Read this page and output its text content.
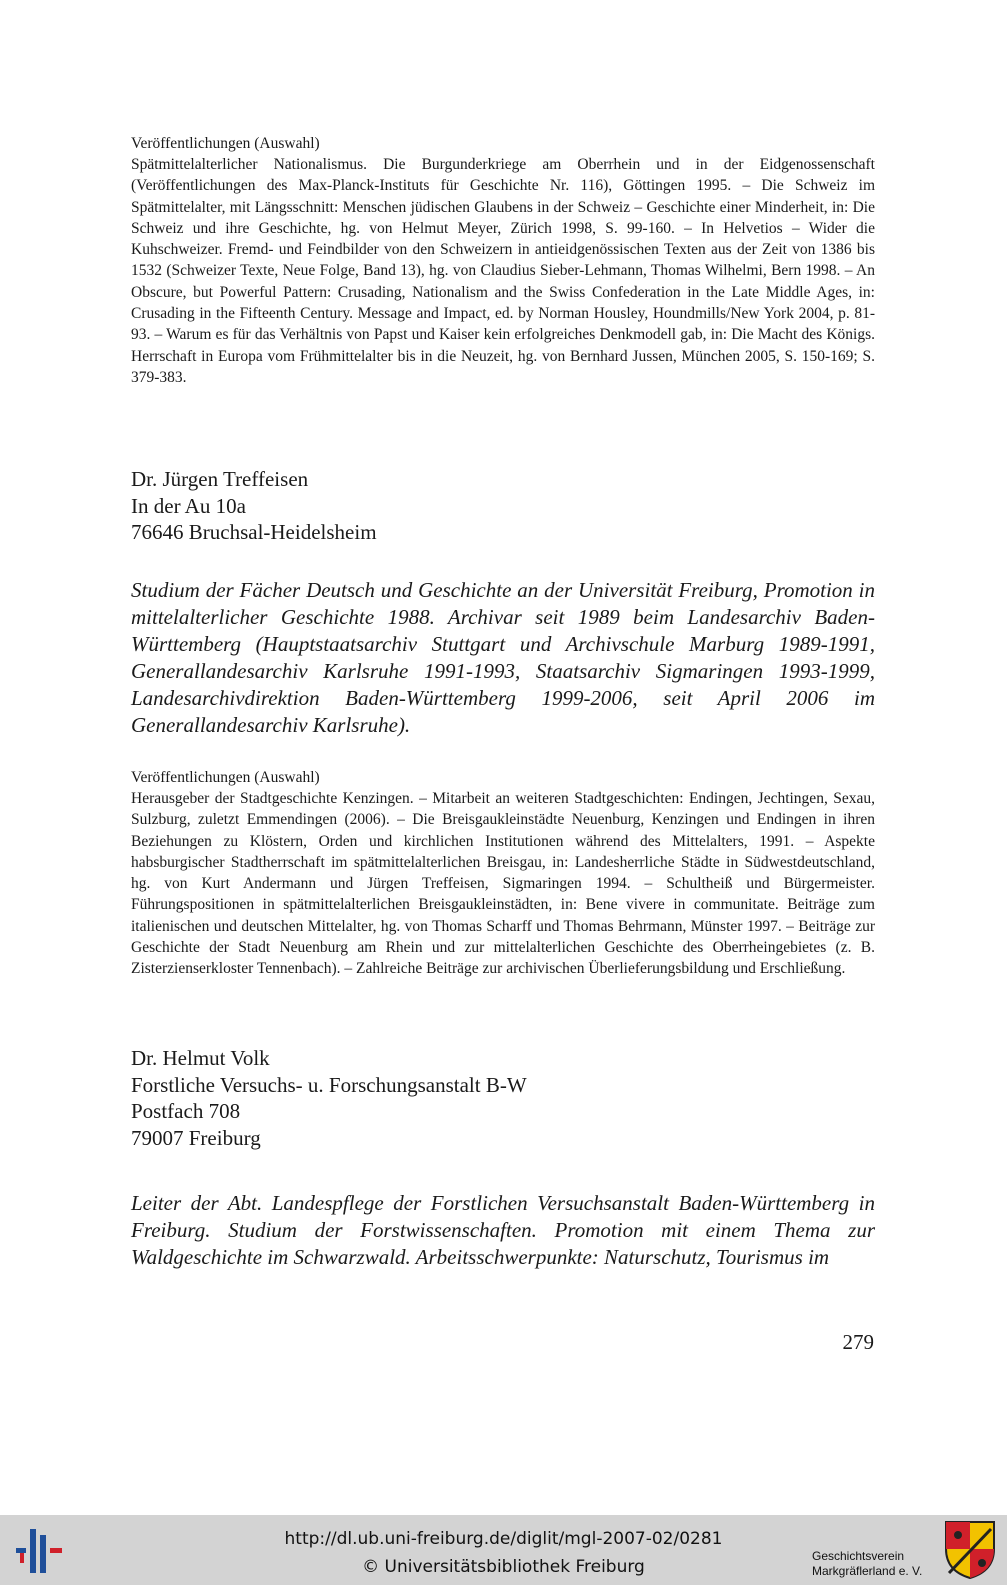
Veröffentlichungen (Auswahl)

Spätmittelalterlicher Nationalismus. Die Burgunderkriege am Oberrhein und in der Eidgenossenschaft (Veröffentlichungen des Max-Planck-Instituts für Geschichte Nr. 116), Göttingen 1995. – Die Schweiz im Spätmittelalter, mit Längsschnitt: Menschen jüdischen Glaubens in der Schweiz – Geschichte einer Minderheit, in: Die Schweiz und ihre Geschichte, hg. von Helmut Meyer, Zürich 1998, S. 99-160. – In Helvetios – Wider die Kuhschweizer. Fremd- und Feindbilder von den Schweizern in antieidgenössischen Texten aus der Zeit von 1386 bis 1532 (Schweizer Texte, Neue Folge, Band 13), hg. von Claudius Sieber-Lehmann, Thomas Wilhelmi, Bern 1998. – An Obscure, but Powerful Pattern: Crusading, Nationalism and the Swiss Confederation in the Late Middle Ages, in: Crusading in the Fifteenth Century. Message and Impact, ed. by Norman Housley, Houndmills/New York 2004, p. 81-93. – Warum es für das Verhältnis von Papst und Kaiser kein erfolgreiches Denkmodell gab, in: Die Macht des Königs. Herrschaft in Europa vom Frühmittelalter bis in die Neuzeit, hg. von Bernhard Jussen, München 2005, S. 150-169; S. 379-383.

Dr. Jürgen Treffeisen

In der Au 10a

76646 Bruchsal-Heidelsheim

Studium der Fächer Deutsch und Geschichte an der Universität Freiburg, Promotion in mittelalterlicher Geschichte 1988. Archivar seit 1989 beim Landesarchiv Baden-Württemberg (Hauptstaatsarchiv Stuttgart und Archivschule Marburg 1989-1991, Generallandesarchiv Karlsruhe 1991-1993, Staatsarchiv Sigmaringen 1993-1999, Landesarchivdirektion Baden-Württemberg 1999-2006, seit April 2006 im Generallandesarchiv Karlsruhe).

Veröffentlichungen (Auswahl)

Herausgeber der Stadtgeschichte Kenzingen. – Mitarbeit an weiteren Stadtgeschichten: Endingen, Jechtingen, Sexau, Sulzburg, zuletzt Emmendingen (2006). – Die Breisgaukleinstädte Neuenburg, Kenzingen und Endingen in ihren Beziehungen zu Klöstern, Orden und kirchlichen Institutionen während des Mittelalters, 1991. – Aspekte habsburgischer Stadtherrschaft im spätmittelalterlichen Breisgau, in: Landesherrliche Städte in Südwestdeutschland, hg. von Kurt Andermann und Jürgen Treffeisen, Sigmaringen 1994. – Schultheiß und Bürgermeister. Führungspositionen in spätmittelalterlichen Breisgaukleinstädten, in: Bene vivere in communitate. Beiträge zum italienischen und deutschen Mittelalter, hg. von Thomas Scharff und Thomas Behrmann, Münster 1997. – Beiträge zur Geschichte der Stadt Neuenburg am Rhein und zur mittelalterlichen Geschichte des Oberrheingebietes (z. B. Zisterzienserkloster Tennenbach). – Zahlreiche Beiträge zur archivischen Überlieferungsbildung und Erschließung.

Dr. Helmut Volk

Forstliche Versuchs- u. Forschungsanstalt B-W

Postfach 708

79007 Freiburg

Leiter der Abt. Landespflege der Forstlichen Versuchsanstalt Baden-Württemberg in Freiburg. Studium der Forstwissenschaften. Promotion mit einem Thema zur Waldgeschichte im Schwarzwald. Arbeitsschwerpunkte: Naturschutz, Tourismus im

279
http://dl.ub.uni-freiburg.de/diglit/mgl-2007-02/0281
© Universitätsbibliothek Freiburg
Geschichtsverein
Markgräflerland e. V.
